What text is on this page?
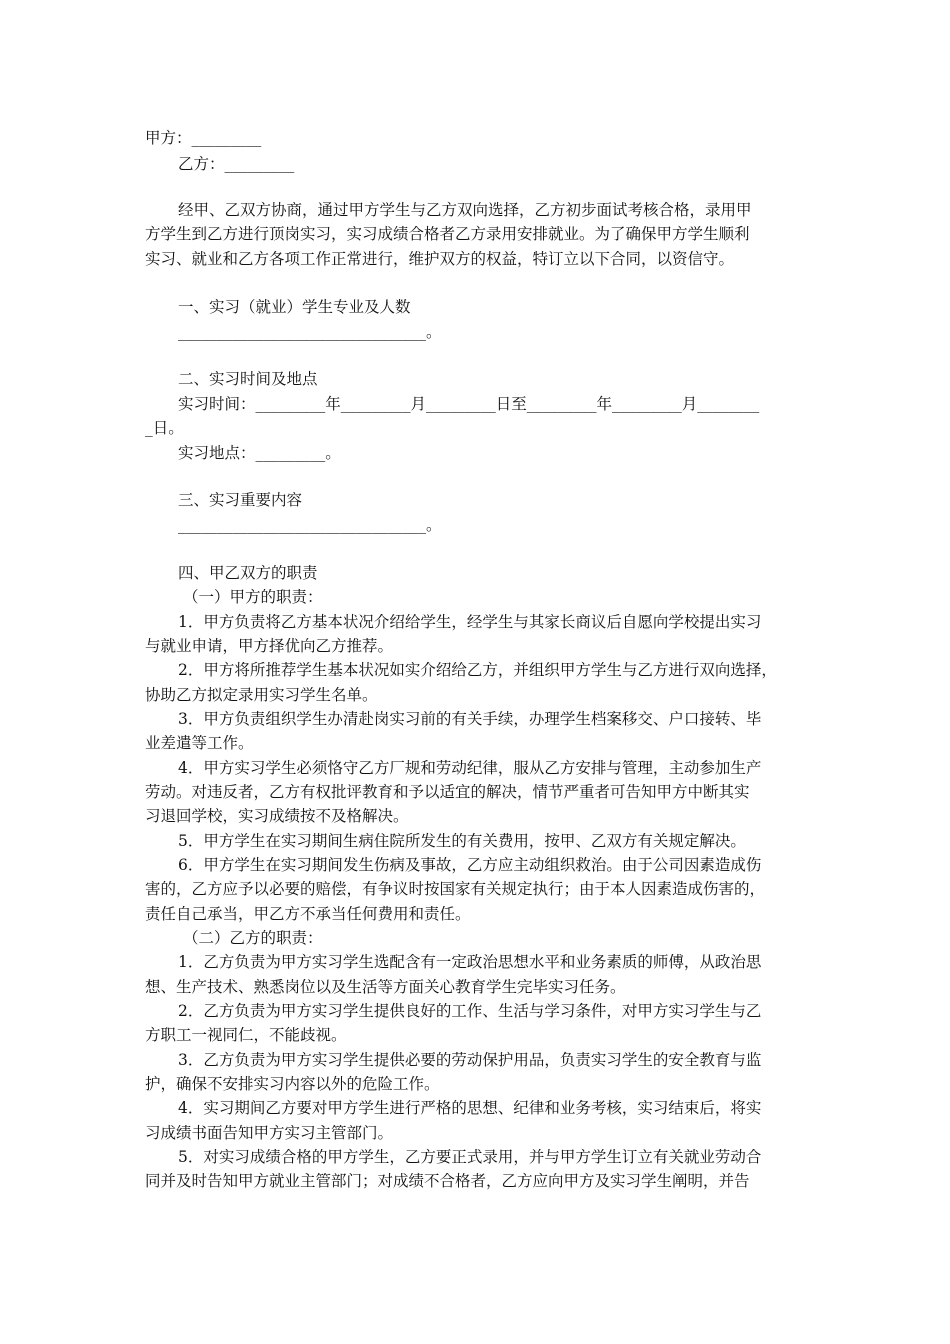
甲方：_________
乙方：_________
经甲、乙双方协商，通过甲方学生与乙方双向选择，乙方初步面试考核合格，录用甲
方学生到乙方进行顶岗实习，实习成绩合格者乙方录用安排就业。为了确保甲方学生顺利
实习、就业和乙方各项工作正常进行，维护双方的权益，特订立以下合同，以资信守。
一、实习（就业）学生专业及人数
________________________________。
二、实习时间及地点
实习时间：_________年_________月_________日至_________年_________月________
_日。
实习地点：_________。
三、实习重要内容
________________________________。
四、甲乙双方的职责
（一）甲方的职责：
1．甲方负责将乙方基本状况介绍给学生，经学生与其家长商议后自愿向学校提出实习
与就业申请，甲方择优向乙方推荐。
2．甲方将所推荐学生基本状况如实介绍给乙方，并组织甲方学生与乙方进行双向选择，
协助乙方拟定录用实习学生名单。
3．甲方负责组织学生办清赴岗实习前的有关手续，办理学生档案移交、户口接转、毕
业差遣等工作。
4．甲方实习学生必须恪守乙方厂规和劳动纪律，服从乙方安排与管理，主动参加生产
劳动。对违反者，乙方有权批评教育和予以适宜的解决，情节严重者可告知甲方中断其实
习退回学校，实习成绩按不及格解决。
5．甲方学生在实习期间生病住院所发生的有关费用，按甲、乙双方有关规定解决。
6．甲方学生在实习期间发生伤病及事故，乙方应主动组织救治。由于公司因素造成伤
害的，乙方应予以必要的赔偿，有争议时按国家有关规定执行；由于本人因素造成伤害的，
责任自己承当，甲乙方不承当任何费用和责任。
（二）乙方的职责：
1．乙方负责为甲方实习学生选配含有一定政治思想水平和业务素质的师傅，从政治思
想、生产技术、熟悉岗位以及生活等方面关心教育学生完毕实习任务。
2．乙方负责为甲方实习学生提供良好的工作、生活与学习条件，对甲方实习学生与乙
方职工一视同仁，不能歧视。
3．乙方负责为甲方实习学生提供必要的劳动保护用品，负责实习学生的安全教育与监
护，确保不安排实习内容以外的危险工作。
4．实习期间乙方要对甲方学生进行严格的思想、纪律和业务考核，实习结束后，将实
习成绩书面告知甲方实习主管部门。
5．对实习成绩合格的甲方学生，乙方要正式录用，并与甲方学生订立有关就业劳动合
同并及时告知甲方就业主管部门；对成绩不合格者，乙方应向甲方及实习学生阐明，并告
